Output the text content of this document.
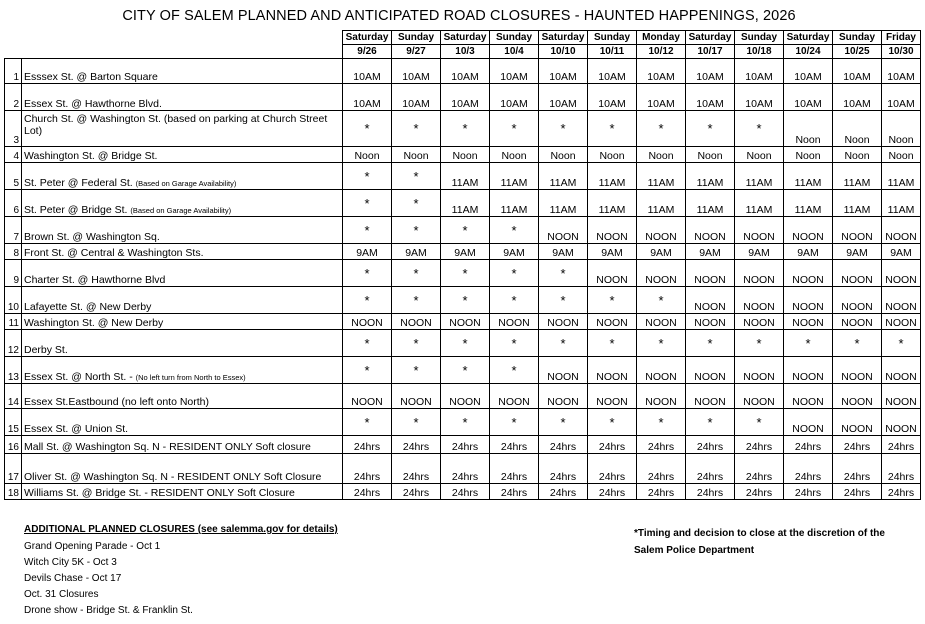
CITY OF SALEM PLANNED AND ANTICIPATED ROAD CLOSURES - HAUNTED HAPPENINGS, 2026
		Saturday	Sunday	Saturday	Sunday	Saturday	Sunday	Monday	Saturday	Sunday	Saturday	Sunday	Friday
		9/26	9/27	10/3	10/4	10/10	10/11	10/12	10/17	10/18	10/24	10/25	10/30
1	Esssex St. @ Barton Square	10AM	10AM	10AM	10AM	10AM	10AM	10AM	10AM	10AM	10AM	10AM	10AM
2	Essex St. @ Hawthorne Blvd.	10AM	10AM	10AM	10AM	10AM	10AM	10AM	10AM	10AM	10AM	10AM	10AM
3	Church St. @ Washington St. (based on parking at Church Street Lot)	*	*	*	*	*	*	*	*	*	Noon	Noon	Noon
4	Washington St. @ Bridge St.	Noon	Noon	Noon	Noon	Noon	Noon	Noon	Noon	Noon	Noon	Noon	Noon
5	St. Peter @ Federal St. (Based on Garage Availability)	*	*	11AM	11AM	11AM	11AM	11AM	11AM	11AM	11AM	11AM	11AM
6	St. Peter @ Bridge St. (Based on Garage Availability)	*	*	11AM	11AM	11AM	11AM	11AM	11AM	11AM	11AM	11AM	11AM
7	Brown St. @ Washington Sq.	*	*	*	*	NOON	NOON	NOON	NOON	NOON	NOON	NOON	NOON
8	Front St. @ Central & Washington Sts.	9AM	9AM	9AM	9AM	9AM	9AM	9AM	9AM	9AM	9AM	9AM	9AM
9	Charter St. @ Hawthorne Blvd	*	*	*	*	*	NOON	NOON	NOON	NOON	NOON	NOON	NOON
10	Lafayette St. @ New Derby	*	*	*	*	*	*	*	NOON	NOON	NOON	NOON	NOON
11	Washington St. @ New Derby	NOON	NOON	NOON	NOON	NOON	NOON	NOON	NOON	NOON	NOON	NOON	NOON
12	Derby St.	*	*	*	*	*	*	*	*	*	*	*	*
13	Essex St. @ North St. - (No left turn from North to Essex)	*	*	*	*	NOON	NOON	NOON	NOON	NOON	NOON	NOON	NOON
14	Essex St.Eastbound (no left onto North)	NOON	NOON	NOON	NOON	NOON	NOON	NOON	NOON	NOON	NOON	NOON	NOON
15	Essex St. @ Union St.	*	*	*	*	*	*	*	*	*	NOON	NOON	NOON
16	Mall St. @ Washington Sq. N - RESIDENT ONLY Soft closure	24hrs	24hrs	24hrs	24hrs	24hrs	24hrs	24hrs	24hrs	24hrs	24hrs	24hrs	24hrs
17	Oliver St. @ Washington Sq. N - RESIDENT ONLY Soft Closure	24hrs	24hrs	24hrs	24hrs	24hrs	24hrs	24hrs	24hrs	24hrs	24hrs	24hrs	24hrs
18	Williams St. @ Bridge St. - RESIDENT ONLY Soft Closure	24hrs	24hrs	24hrs	24hrs	24hrs	24hrs	24hrs	24hrs	24hrs	24hrs	24hrs	24hrs
ADDITIONAL PLANNED CLOSURES (see salemma.gov for details)
Grand Opening Parade - Oct 1
Witch City 5K - Oct 3
Devils Chase - Oct 17
Oct. 31 Closures
Drone show - Bridge St. & Franklin St.
*Timing and decision to close at the discretion of the Salem Police Department
